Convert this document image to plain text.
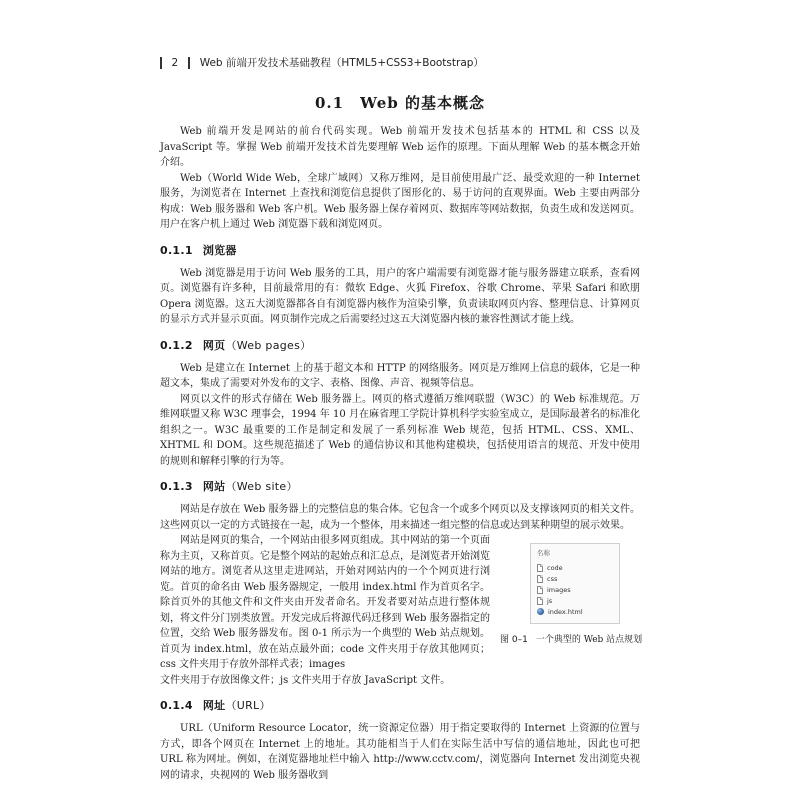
2 Web 前端开发技术基础教程（HTML5+CSS3+Bootstrap）
0.1　Web 的基本概念

Web 前端开发是网站的前台代码实现。Web 前端开发技术包括基本的 HTML 和 CSS 以及 JavaScript 等。掌握 Web 前端开发技术首先要理解 Web 运作的原理。下面从理解 Web 的基本概念开始介绍。

Web（World Wide Web，全球广域网）又称万维网，是目前使用最广泛、最受欢迎的一种 Internet 服务，为浏览者在 Internet 上查找和浏览信息提供了图形化的、易于访问的直观界面。Web 主要由两部分构成：Web 服务器和 Web 客户机。Web 服务器上保存着网页、数据库等网站数据，负责生成和发送网页。用户在客户机上通过 Web 浏览器下载和浏览网页。

0.1.1 浏览器

Web 浏览器是用于访问 Web 服务的工具，用户的客户端需要有浏览器才能与服务器建立联系，查看网页。浏览器有许多种，目前最常用的有：微软 Edge、火狐 Firefox、谷歌 Chrome、苹果 Safari 和欧朋 Opera 浏览器。这五大浏览器都各自有浏览器内核作为渲染引擎，负责读取网页内容、整理信息、计算网页的显示方式并显示页面。网页制作完成之后需要经过这五大浏览器内核的兼容性测试才能上线。

0.1.2 网页（Web pages）

Web 是建立在 Internet 上的基于超文本和 HTTP 的网络服务。网页是万维网上信息的载体，它是一种超文本，集成了需要对外发布的文字、表格、图像、声音、视频等信息。

网页以文件的形式存储在 Web 服务器上。网页的格式遵循万维网联盟（W3C）的 Web 标准规范。万维网联盟又称 W3C 理事会，1994 年 10 月在麻省理工学院计算机科学实验室成立，是国际最著名的标准化组织之一。W3C 最重要的工作是制定和发展了一系列标准 Web 规范，包括 HTML、CSS、XML、XHTML 和 DOM。这些规范描述了 Web 的通信协议和其他构建模块，包括使用语言的规范、开发中使用的规则和解释引擎的行为等。

0.1.3 网站（Web site）

网站是存放在 Web 服务器上的完整信息的集合体。它包含一个或多个网页以及支撑该网页的相关文件。这些网页以一定的方式链接在一起，成为一个整体，用来描述一组完整的信息或达到某种期望的展示效果。

网站是网页的集合，一个网站由很多网页组成。其中网站的第一个页面称为主页，又称首页。它是整个网站的起始点和汇总点，是浏览者开始浏览网站的地方。浏览者从这里走进网站，开始对网站内的一个个网页进行浏览。首页的命名由 Web 服务器规定，一般用 index.html 作为首页名字。除首页外的其他文件和文件夹由开发者命名。开发者要对站点进行整体规划，将文件分门别类放置。开发完成后将源代码迁移到 Web 服务器指定的位置，交给 Web 服务器发布。图 0-1 所示为一个典型的 Web 站点规划。首页为 index.html，放在站点最外面；code 文件夹用于存放其他网页；css 文件夹用于存放外部样式表；images

名称
code
css
images
js
index.html
图 0–1 一个典型的 Web 站点规划

文件夹用于存放图像文件；js 文件夹用于存放 JavaScript 文件。

0.1.4 网址（URL）

URL（Uniform Resource Locator，统一资源定位器）用于指定要取得的 Internet 上资源的位置与方式，即各个网页在 Internet 上的地址。其功能相当于人们在实际生活中写信的通信地址，因此也可把 URL 称为网址。例如，在浏览器地址栏中输入 http://www.cctv.com/，浏览器向 Internet 发出浏览央视网的请求，央视网的 Web 服务器收到
